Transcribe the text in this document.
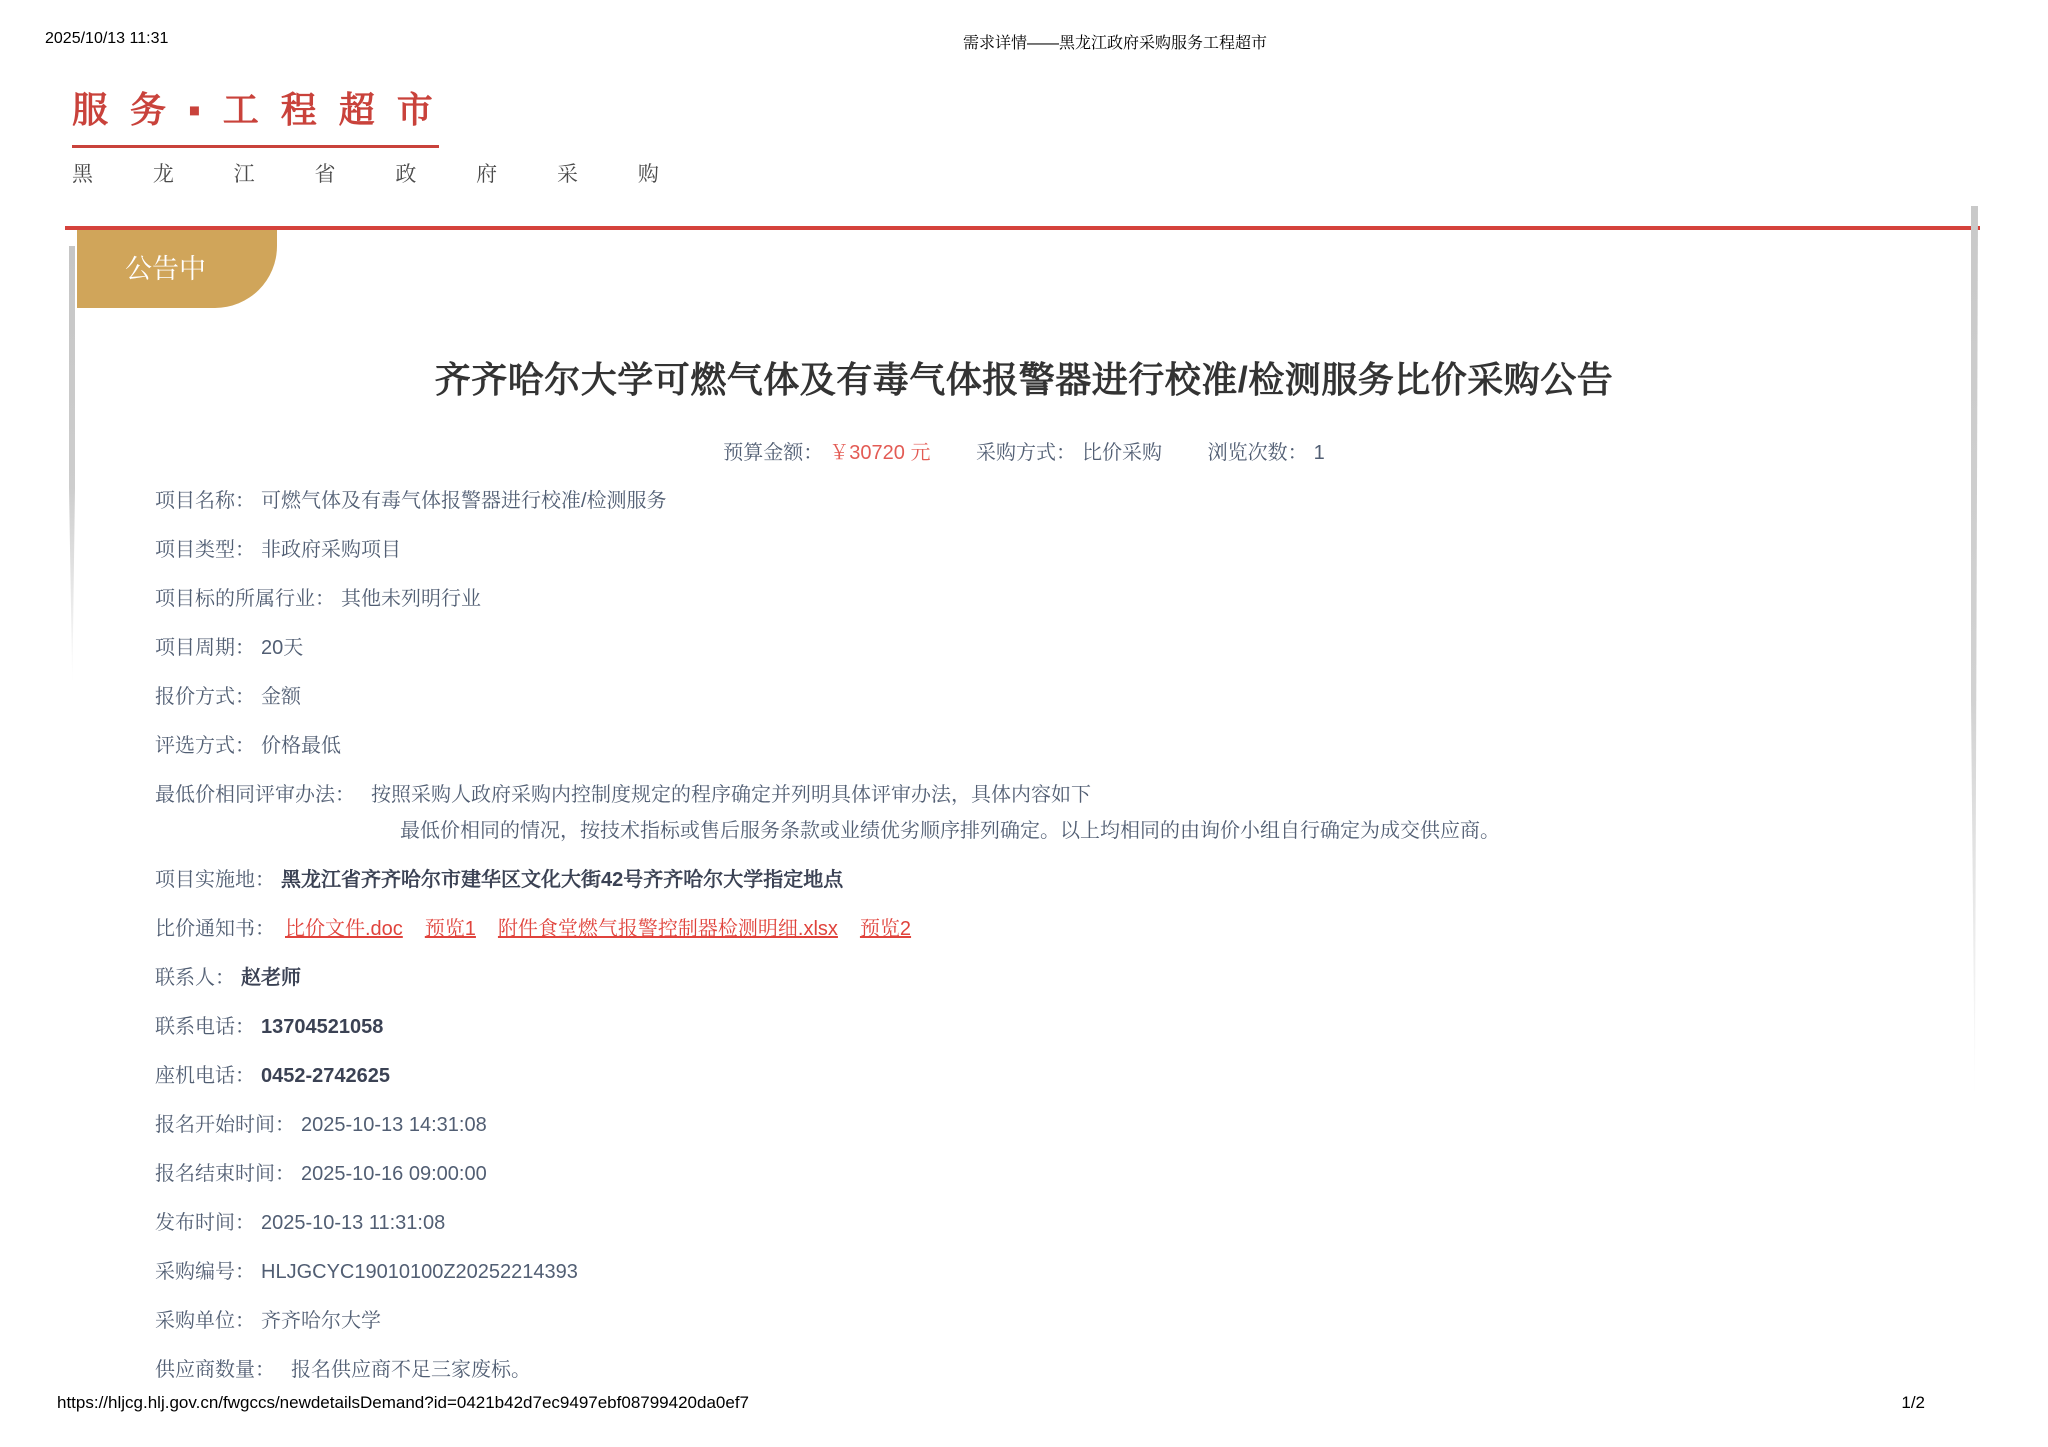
2025/10/13 11:31	需求详情——黑龙江政府采购服务工程超市
服 务 ▪ 工 程 超 市
黑 龙 江 省 政 府 采 购
公告中
齐齐哈尔大学可燃气体及有毒气体报警器进行校准/检测服务比价采购公告
预算金额： ￥30720 元 采购方式： 比价采购 浏览次数： 1
项目名称： 可燃气体及有毒气体报警器进行校准/检测服务
项目类型： 非政府采购项目
项目标的所属行业： 其他未列明行业
项目周期： 20天
报价方式： 金额
评选方式： 价格最低
最低价相同评审办法： 按照采购人政府采购内控制度规定的程序确定并列明具体评审办法，具体内容如下
最低价相同的情况，按技术指标或售后服务条款或业绩优劣顺序排列确定。以上均相同的由询价小组自行确定为成交供应商。
项目实施地： 黑龙江省齐齐哈尔市建华区文化大街42号齐齐哈尔大学指定地点
比价通知书： 比价文件.doc 预览1 附件食堂燃气报警控制器检测明细.xlsx 预览2
联系人： 赵老师
联系电话： 13704521058
座机电话： 0452-2742625
报名开始时间： 2025-10-13 14:31:08
报名结束时间： 2025-10-16 09:00:00
发布时间： 2025-10-13 11:31:08
采购编号： HLJGCYC19010100Z20252214393
采购单位： 齐齐哈尔大学
供应商数量： 报名供应商不足三家废标。
https://hljcg.hlj.gov.cn/fwgccs/newdetailsDemand?id=0421b42d7ec9497ebf08799420da0ef7	1/2
